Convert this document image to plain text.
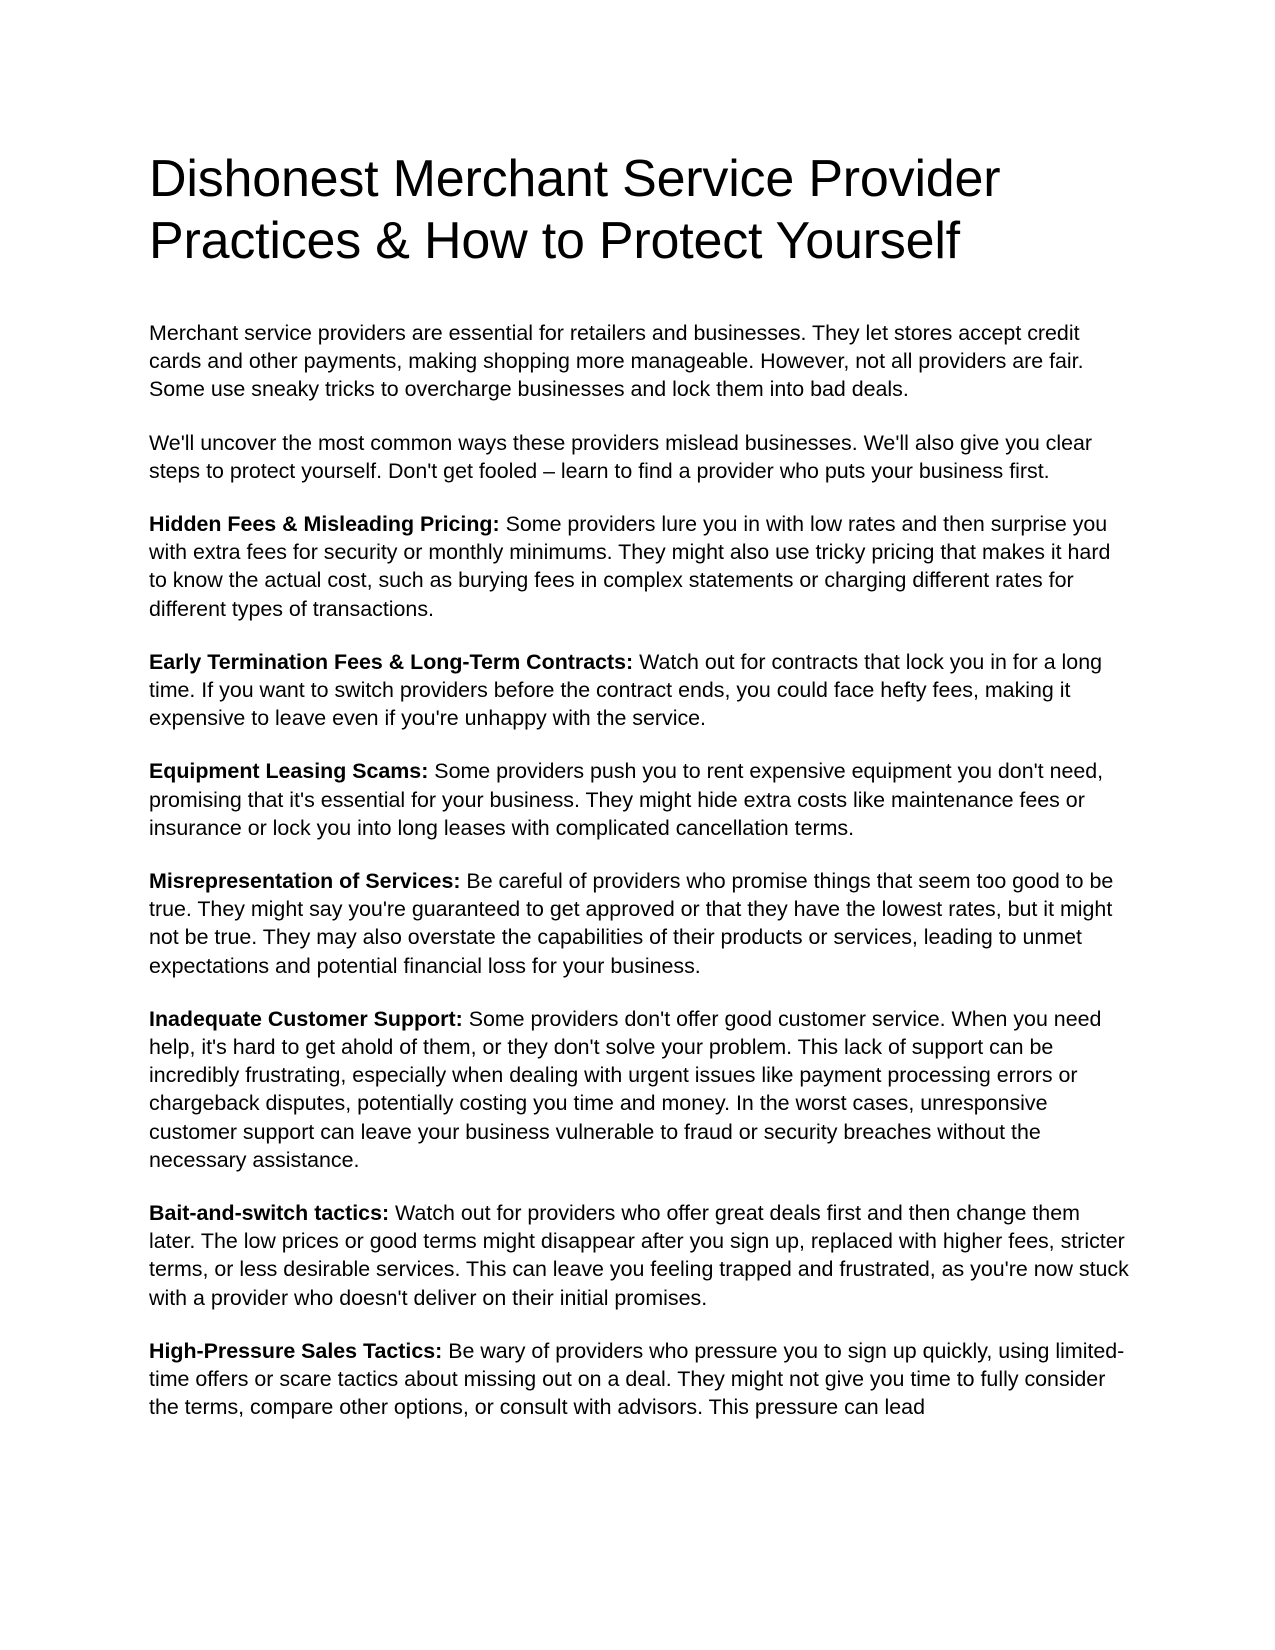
Dishonest Merchant Service Provider Practices & How to Protect Yourself

Merchant service providers are essential for retailers and businesses. They let stores accept credit cards and other payments, making shopping more manageable. However, not all providers are fair. Some use sneaky tricks to overcharge businesses and lock them into bad deals.

We'll uncover the most common ways these providers mislead businesses. We'll also give you clear steps to protect yourself. Don't get fooled – learn to find a provider who puts your business first.

Hidden Fees & Misleading Pricing: Some providers lure you in with low rates and then surprise you with extra fees for security or monthly minimums. They might also use tricky pricing that makes it hard to know the actual cost, such as burying fees in complex statements or charging different rates for different types of transactions.

Early Termination Fees & Long-Term Contracts: Watch out for contracts that lock you in for a long time. If you want to switch providers before the contract ends, you could face hefty fees, making it expensive to leave even if you're unhappy with the service.

Equipment Leasing Scams: Some providers push you to rent expensive equipment you don't need, promising that it's essential for your business. They might hide extra costs like maintenance fees or insurance or lock you into long leases with complicated cancellation terms.

Misrepresentation of Services: Be careful of providers who promise things that seem too good to be true. They might say you're guaranteed to get approved or that they have the lowest rates, but it might not be true. They may also overstate the capabilities of their products or services, leading to unmet expectations and potential financial loss for your business.

Inadequate Customer Support: Some providers don't offer good customer service. When you need help, it's hard to get ahold of them, or they don't solve your problem. This lack of support can be incredibly frustrating, especially when dealing with urgent issues like payment processing errors or chargeback disputes, potentially costing you time and money. In the worst cases, unresponsive customer support can leave your business vulnerable to fraud or security breaches without the necessary assistance.

Bait-and-switch tactics: Watch out for providers who offer great deals first and then change them later. The low prices or good terms might disappear after you sign up, replaced with higher fees, stricter terms, or less desirable services. This can leave you feeling trapped and frustrated, as you're now stuck with a provider who doesn't deliver on their initial promises.

High-Pressure Sales Tactics: Be wary of providers who pressure you to sign up quickly, using limited-time offers or scare tactics about missing out on a deal. They might not give you time to fully consider the terms, compare other options, or consult with advisors. This pressure can lead
